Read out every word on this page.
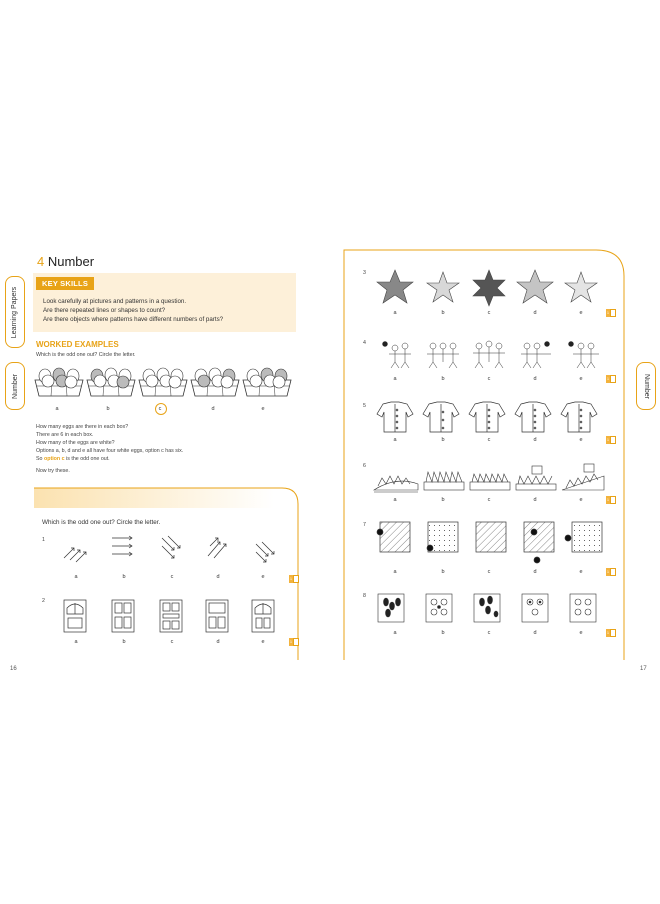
Learning Papers
Number
4 Number
KEY SKILLS
Look carefully at pictures and patterns in a question.
Are there repeated lines or shapes to count?
Are there objects where patterns have different numbers of parts?
WORKED EXAMPLES
Which is the odd one out? Circle the letter.
a	b	c	d	e
How many eggs are there in each box?
There are 6 in each box.
How many of the eggs are white?
Options a, b, d and e all have four white eggs, option c has six.
So option c is the odd one out.
Now try these.
Which is the odd one out? Circle the letter.
1
a	b	c	d	e	1
2
a	b	c	d	e	1
16
Number
3
4
5
6
7
8
a	b	c	d	e	1
a	b	c	d	e	1
a	b	c	d	e	1
a	b	c	d	e	1
a	b	c	d	e	1
a	b	c	d	e	1
17
